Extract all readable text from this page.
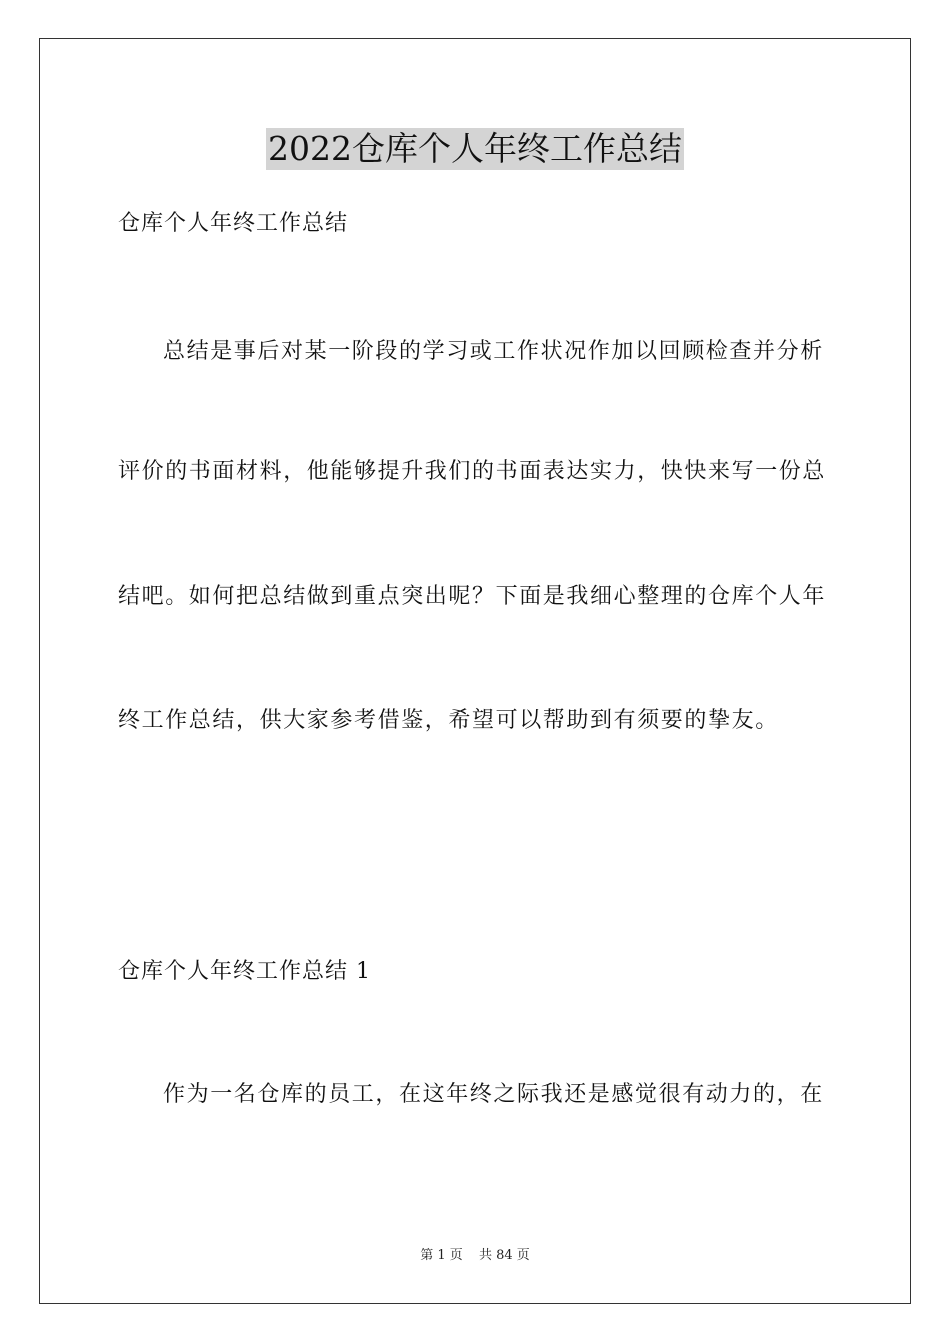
2022仓库个人年终工作总结
仓库个人年终工作总结
总结是事后对某一阶段的学习或工作状况作加以回顾检查并分析
评价的书面材料，他能够提升我们的书面表达实力，快快来写一份总
结吧。如何把总结做到重点突出呢？下面是我细心整理的仓库个人年
终工作总结，供大家参考借鉴，希望可以帮助到有须要的挚友。
仓库个人年终工作总结 1
作为一名仓库的员工，在这年终之际我还是感觉很有动力的，在
第 1 页 共 84 页
